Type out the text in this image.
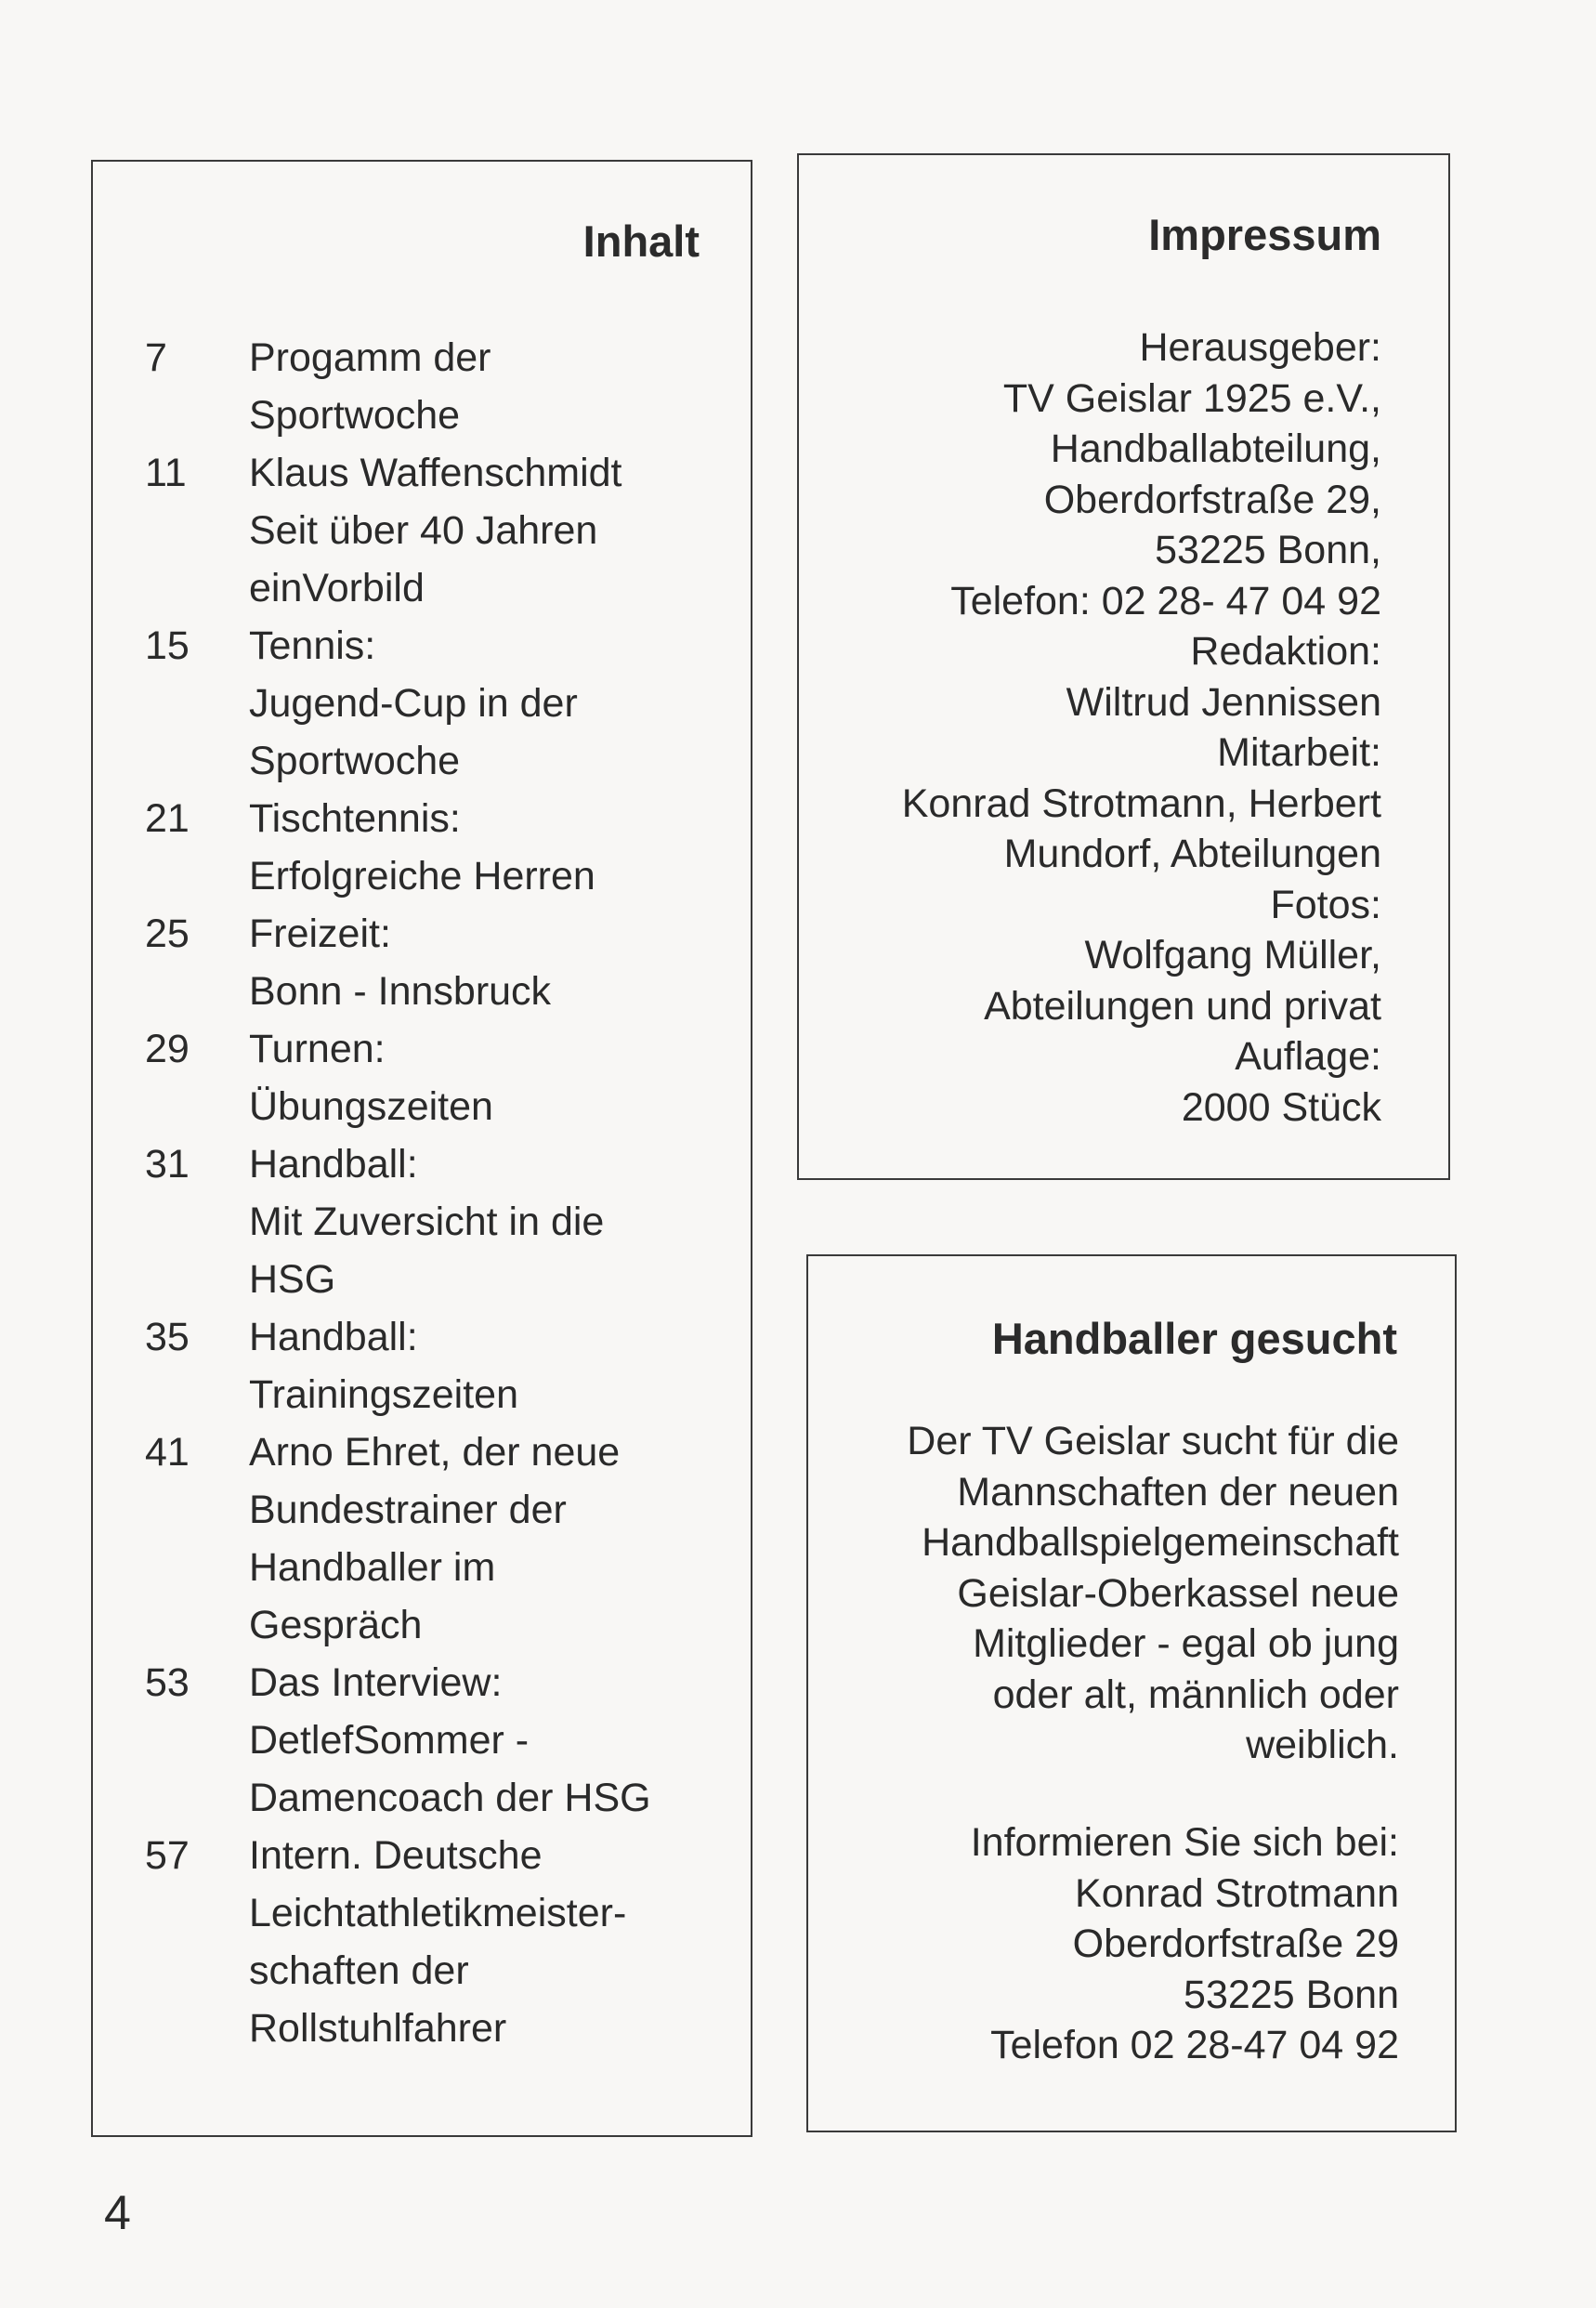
Inhalt
7	Progamm der
Sportwoche
11	Klaus Waffenschmidt
Seit über 40 Jahren
einVorbild
15	Tennis:
Jugend-Cup in der
Sportwoche
21	Tischtennis:
Erfolgreiche Herren
25	Freizeit:
Bonn - Innsbruck
29	Turnen:
Übungszeiten
31	Handball:
Mit Zuversicht in die
HSG
35	Handball:
Trainingszeiten
41	Arno Ehret, der neue
Bundestrainer der
Handballer im
Gespräch
53	Das Interview:
DetlefSommer -
Damencoach der HSG
57	Intern. Deutsche
Leichtathletikmeister-
schaften der
Rollstuhlfahrer
Impressum
Herausgeber:
TV Geislar 1925 e.V.,
Handballabteilung,
Oberdorfstraße 29,
53225 Bonn,
Telefon: 02 28- 47 04 92
Redaktion:
Wiltrud Jennissen
Mitarbeit:
Konrad Strotmann, Herbert
Mundorf, Abteilungen
Fotos:
Wolfgang Müller,
Abteilungen und privat
Auflage:
2000 Stück
Handballer gesucht
Der TV Geislar sucht für die
Mannschaften der neuen
Handballspielgemeinschaft
Geislar-Oberkassel neue
Mitglieder - egal ob jung
oder alt, männlich oder
weiblich.
Informieren Sie sich bei:
Konrad Strotmann
Oberdorfstraße 29
53225 Bonn
Telefon 02 28-47 04 92
4
